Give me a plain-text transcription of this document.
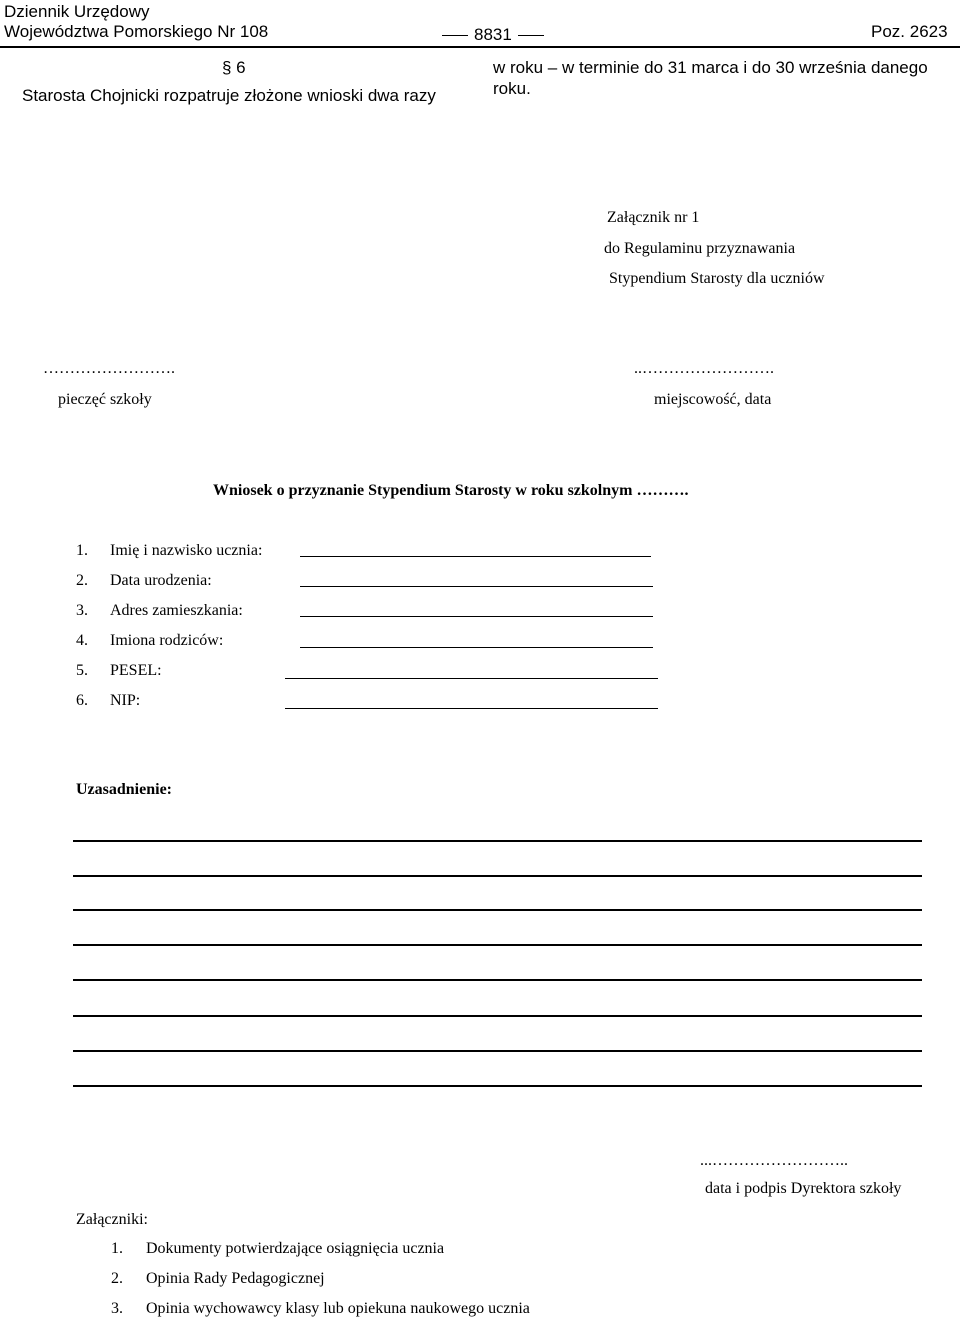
Dziennik Urzędowy
Województwa Pomorskiego Nr 108	8831	Poz. 2623
§ 6
Starosta Chojnicki rozpatruje złożone wnioski dwa razy
w roku – w terminie do 31 marca i do 30 września danego
roku.
Załącznik nr 1
do Regulaminu przyznawania
Stypendium Starosty dla uczniów
…………………….
pieczęć szkoły
..…………………….
miejscowość, data
Wniosek o przyznanie Stypendium Starosty w roku szkolnym ……….
1. Imię i nazwisko ucznia:
2. Data urodzenia:
3. Adres zamieszkania:
4. Imiona rodziców:
5. PESEL:
6. NIP:
Uzasadnienie:
...……………………..
data i podpis Dyrektora szkoły
Załączniki:
1. Dokumenty potwierdzające osiągnięcia ucznia
2. Opinia Rady Pedagogicznej
3. Opinia wychowawcy klasy lub opiekuna naukowego ucznia
